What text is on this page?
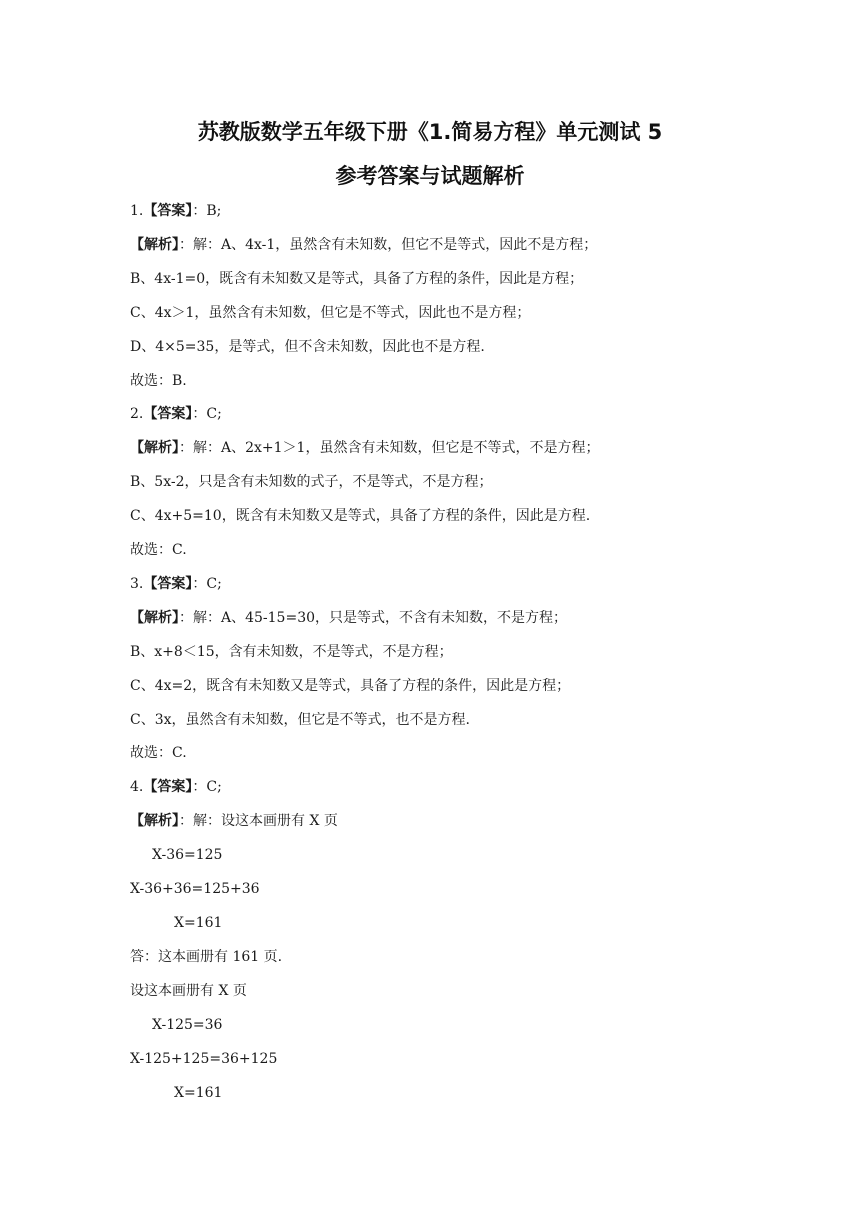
苏教版数学五年级下册《1.简易方程》单元测试 5
参考答案与试题解析
1.【答案】：B;
【解析】：解：A、4x-1，虽然含有未知数，但它不是等式，因此不是方程；
B、4x-1=0，既含有未知数又是等式，具备了方程的条件，因此是方程；
C、4x＞1，虽然含有未知数，但它是不等式，因此也不是方程；
D、4×5=35，是等式，但不含未知数，因此也不是方程.
故选：B.
2.【答案】：C;
【解析】：解：A、2x+1＞1，虽然含有未知数，但它是不等式，不是方程；
B、5x-2，只是含有未知数的式子，不是等式，不是方程；
C、4x+5=10，既含有未知数又是等式，具备了方程的条件，因此是方程.
故选：C.
3.【答案】：C;
【解析】：解：A、45-15=30，只是等式，不含有未知数，不是方程；
B、x+8＜15，含有未知数，不是等式，不是方程；
C、4x=2，既含有未知数又是等式，具备了方程的条件，因此是方程；
C、3x，虽然含有未知数，但它是不等式，也不是方程.
故选：C.
4.【答案】：C;
【解析】：解：设这本画册有 X 页
X-36=125
X-36+36=125+36
X=161
答：这本画册有 161 页.
设这本画册有 X 页
X-125=36
X-125+125=36+125
X=161
